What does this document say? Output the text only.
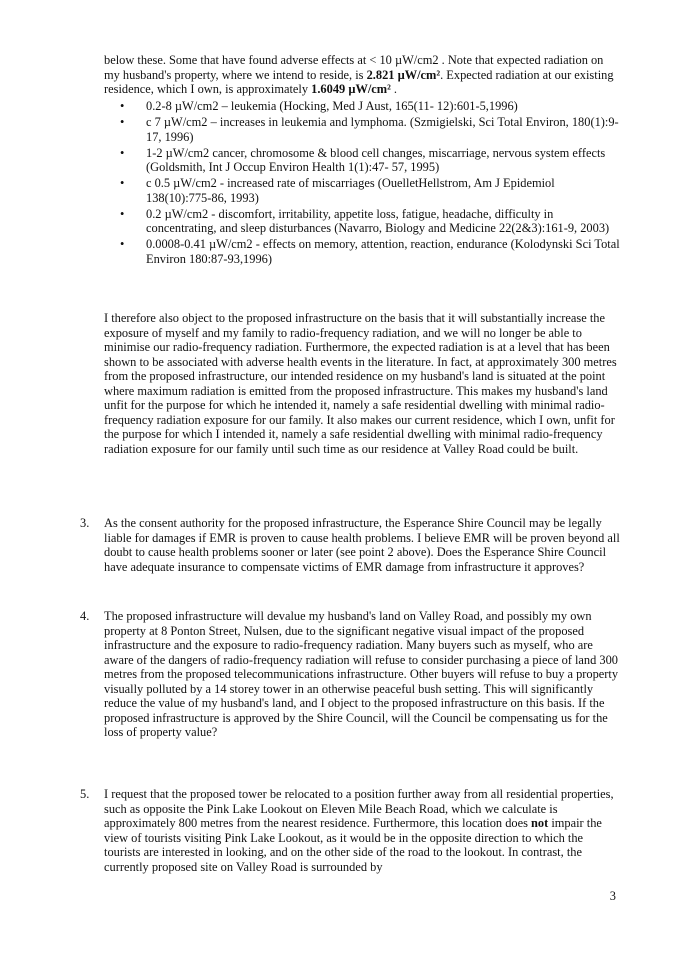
below these. Some that have found adverse effects at < 10 µW/cm2 . Note that expected radiation on my husband's property, where we intend to reside, is 2.821 µW/cm². Expected radiation at our existing residence, which I own, is approximately 1.6049 µW/cm² .
• 0.2-8 µW/cm2 – leukemia (Hocking, Med J Aust, 165(11- 12):601-5,1996)
• c 7 µW/cm2 – increases in leukemia and lymphoma. (Szmigielski, Sci Total Environ, 180(1):9-17, 1996)
• 1-2 µW/cm2 cancer, chromosome & blood cell changes, miscarriage, nervous system effects (Goldsmith, Int J Occup Environ Health 1(1):47- 57, 1995)
• c 0.5 µW/cm2 - increased rate of miscarriages (OuelletHellstrom, Am J Epidemiol 138(10):775-86, 1993)
• 0.2 µW/cm2 - discomfort, irritability, appetite loss, fatigue, headache, difficulty in concentrating, and sleep disturbances (Navarro, Biology and Medicine 22(2&3):161-9, 2003)
• 0.0008-0.41 µW/cm2 - effects on memory, attention, reaction, endurance (Kolodynski Sci Total Environ 180:87-93,1996)
I therefore also object to the proposed infrastructure on the basis that it will substantially increase the exposure of myself and my family to radio-frequency radiation, and we will no longer be able to minimise our radio-frequency radiation. Furthermore, the expected radiation is at a level that has been shown to be associated with adverse health events in the literature. In fact, at approximately 300 metres from the proposed infrastructure, our intended residence on my husband's land is situated at the point where maximum radiation is emitted from the proposed infrastructure. This makes my husband's land unfit for the purpose for which he intended it, namely a safe residential dwelling with minimal radio-frequency radiation exposure for our family. It also makes our current residence, which I own, unfit for the purpose for which I intended it, namely a safe residential dwelling with minimal radio-frequency radiation exposure for our family until such time as our residence at Valley Road could be built.
3. As the consent authority for the proposed infrastructure, the Esperance Shire Council may be legally liable for damages if EMR is proven to cause health problems. I believe EMR will be proven beyond all doubt to cause health problems sooner or later (see point 2 above). Does the Esperance Shire Council have adequate insurance to compensate victims of EMR damage from infrastructure it approves?
4. The proposed infrastructure will devalue my husband's land on Valley Road, and possibly my own property at 8 Ponton Street, Nulsen, due to the significant negative visual impact of the proposed infrastructure and the exposure to radio-frequency radiation. Many buyers such as myself, who are aware of the dangers of radio-frequency radiation will refuse to consider purchasing a piece of land 300 metres from the proposed telecommunications infrastructure. Other buyers will refuse to buy a property visually polluted by a 14 storey tower in an otherwise peaceful bush setting. This will significantly reduce the value of my husband's land, and I object to the proposed infrastructure on this basis. If the proposed infrastructure is approved by the Shire Council, will the Council be compensating us for the loss of property value?
5. I request that the proposed tower be relocated to a position further away from all residential properties, such as opposite the Pink Lake Lookout on Eleven Mile Beach Road, which we calculate is approximately 800 metres from the nearest residence. Furthermore, this location does not impair the view of tourists visiting Pink Lake Lookout, as it would be in the opposite direction to which the tourists are interested in looking, and on the other side of the road to the lookout. In contrast, the currently proposed site on Valley Road is surrounded by
3
